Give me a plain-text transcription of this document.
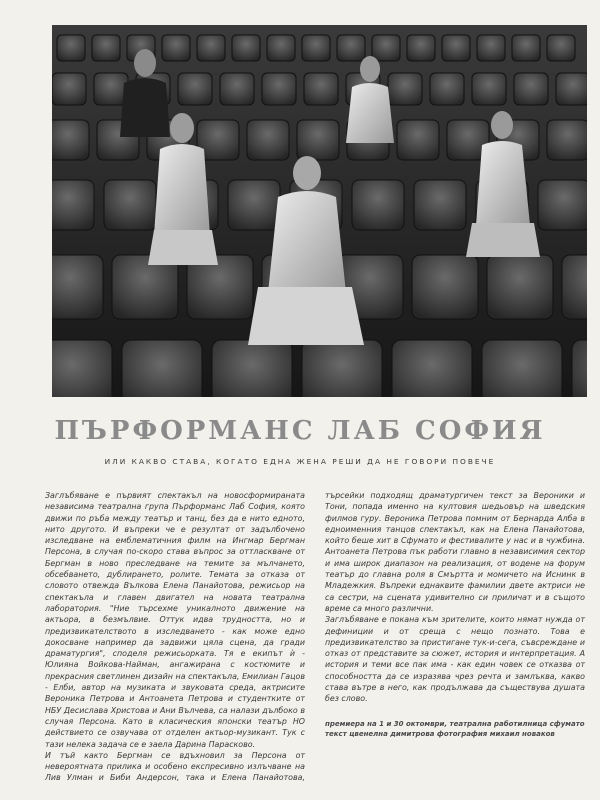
ПЪРФОРМАНС ЛАБ СОФИЯ
ИЛИ КАКВО СТАВА, КОГАТО ЕДНА ЖЕНА РЕШИ ДА НЕ ГОВОРИ ПОВЕЧЕ

Заглъбяване е първият спектакъл на новосформираната независима театрална група Пърформанс Лаб София, която движи по ръба между театър и танц, без да е нито едното, нито другото. И въпреки че е резултат от задълбочено изследване на емблематичния филм на Ингмар Бергман Персона, в случая по-скоро става въпрос за оттласкване от Бергман в ново преследване на темите за мълчането, обсебването, дублирането, ролите. Темата за отказа от словото отвежда Вълкова Елена Панайотова, режисьор на спектакъла и главен двигател на новата театрална лаборатория. "Ние търсехме уникалното движение на актьора, в безмълвие. Оттук идва трудността, но и предизвикателството в изследването - как може едно докосване например да задвижи цяла сцена, да гради драматургия", споделя режисьорката. Тя е екипът ѝ - Юлияна Войкова-Найман, ангажирана с костюмите и прекрасния светлинен дизайн на спектакъла, Емилиан Гацов - Елби, автор на музиката и звуковата среда, актрисите Вероника Петрова и Антоанета Петрова и студентките от НБУ Десислава Христова и Ани Вълчева, са налази дълбоко в случая Персона. Като в класическия японски театър НО действието се озвучава от отделен актьор-музикант. Тук с тази нелека задача се е заела Дарина Парасково.

И тъй както Бергман се вдъхновил за Персона от невероятната прилика и особено експресивно излъчване на Лив Улман и Биби Андерсон, така и Елена Панайотова, търсейки подходящ драматургичен текст за Вероники и Тони, попада именно на култовия шедьовър на шведския филмов гуру. Вероника Петрова помним от Бернарда Алба в едноименния танцов спектакъл, как на Елена Панайотова, който беше хит в Сфумато и фестивалите у нас и в чужбина. Антоанета Петрова пък работи главно в независимия сектор и има широк диапазон на реализация, от водене на форум театър до главна роля в Смъртта и момичето на Иснинк в Младежкия. Въпреки еднаквите фамилии двете актриси не са сестри, на сцената удивително си приличат и в същото време са много различни.

Заглъбяване е покана към зрителите, които нямат нужда от дефиниции и от среща с нещо познато. Това е предизвикателство за пристигане тук-и-сега, съвсреждане и отказ от представите за сюжет, история и интерпретация. А история и теми все пак има - как един човек се отказва от способността да се изразява чрез речта и замлъква, какво става вътре в него, как продължава да съществува душата без слово.

премиера на 1 и 30 октомври, театрална работилница сфумато
текст цвенелна димитрова фотография михаил новаков
